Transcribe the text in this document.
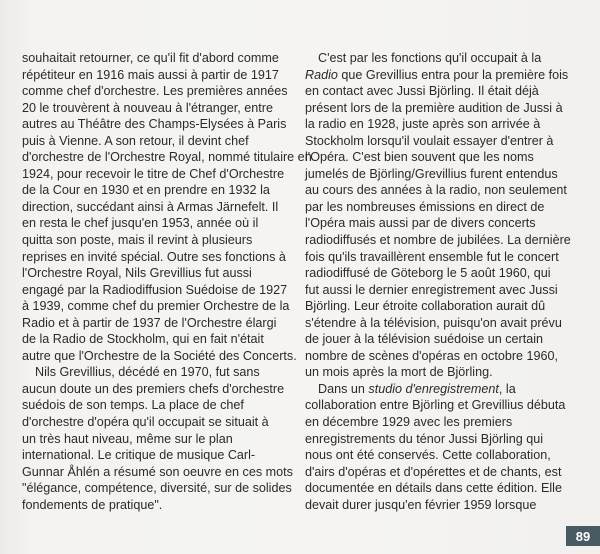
souhaitait retourner, ce qu'il fit d'abord comme
répétiteur en 1916 mais aussi à partir de 1917
comme chef d'orchestre. Les premières années
20 le trouvèrent à nouveau à l'étranger, entre
autres au Théâtre des Champs-Elysées à Paris
puis à Vienne. A son retour, il devint chef
d'orchestre de l'Orchestre Royal, nommé titulaire en
1924, pour recevoir le titre de Chef d'Orchestre
de la Cour en 1930 et en prendre en 1932 la
direction, succédant ainsi à Armas Järnefelt. Il
en resta le chef jusqu'en 1953, année où il
quitta son poste, mais il revint à plusieurs
reprises en invité spécial. Outre ses fonctions à
l'Orchestre Royal, Nils Grevillius fut aussi
engagé par la Radiodiffusion Suédoise de 1927
à 1939, comme chef du premier Orchestre de la
Radio et à partir de 1937 de l'Orchestre élargi
de la Radio de Stockholm, qui en fait n'était
autre que l'Orchestre de la Société des Concerts.
Nils Grevillius, décédé en 1970, fut sans
aucun doute un des premiers chefs d'orchestre
suédois de son temps. La place de chef
d'orchestre d'opéra qu'il occupait se situait à
un très haut niveau, même sur le plan
international. Le critique de musique Carl-
Gunnar Åhlén a résumé son oeuvre en ces mots
"élégance, compétence, diversité, sur de solides
fondements de pratique".
C'est par les fonctions qu'il occupait à la
Radio que Grevillius entra pour la première fois
en contact avec Jussi Björling. Il était déjà
présent lors de la première audition de Jussi à
la radio en 1928, juste après son arrivée à
Stockholm lorsqu'il voulait essayer d'entrer à
l'Opéra. C'est bien souvent que les noms
jumelés de Björling/Grevillius furent entendus
au cours des années à la radio, non seulement
par les nombreuses émissions en direct de
l'Opéra mais aussi par de divers concerts
radiodiffusés et nombre de jubilées. La dernière
fois qu'ils travaillèrent ensemble fut le concert
radiodiffusé de Göteborg le 5 août 1960, qui
fut aussi le dernier enregistrement avec Jussi
Björling. Leur étroite collaboration aurait dû
s'étendre à la télévision, puisqu'on avait prévu
de jouer à la télévision suédoise un certain
nombre de scènes d'opéras en octobre 1960,
un mois après la mort de Björling.
Dans un studio d'enregistrement, la
collaboration entre Björling et Grevillius débuta
en décembre 1929 avec les premiers
enregistrements du ténor Jussi Björling qui
nous ont été conservés. Cette collaboration,
d'airs d'opéras et d'opérettes et de chants, est
documentée en détails dans cette édition. Elle
devait durer jusqu'en février 1959 lorsque
89
